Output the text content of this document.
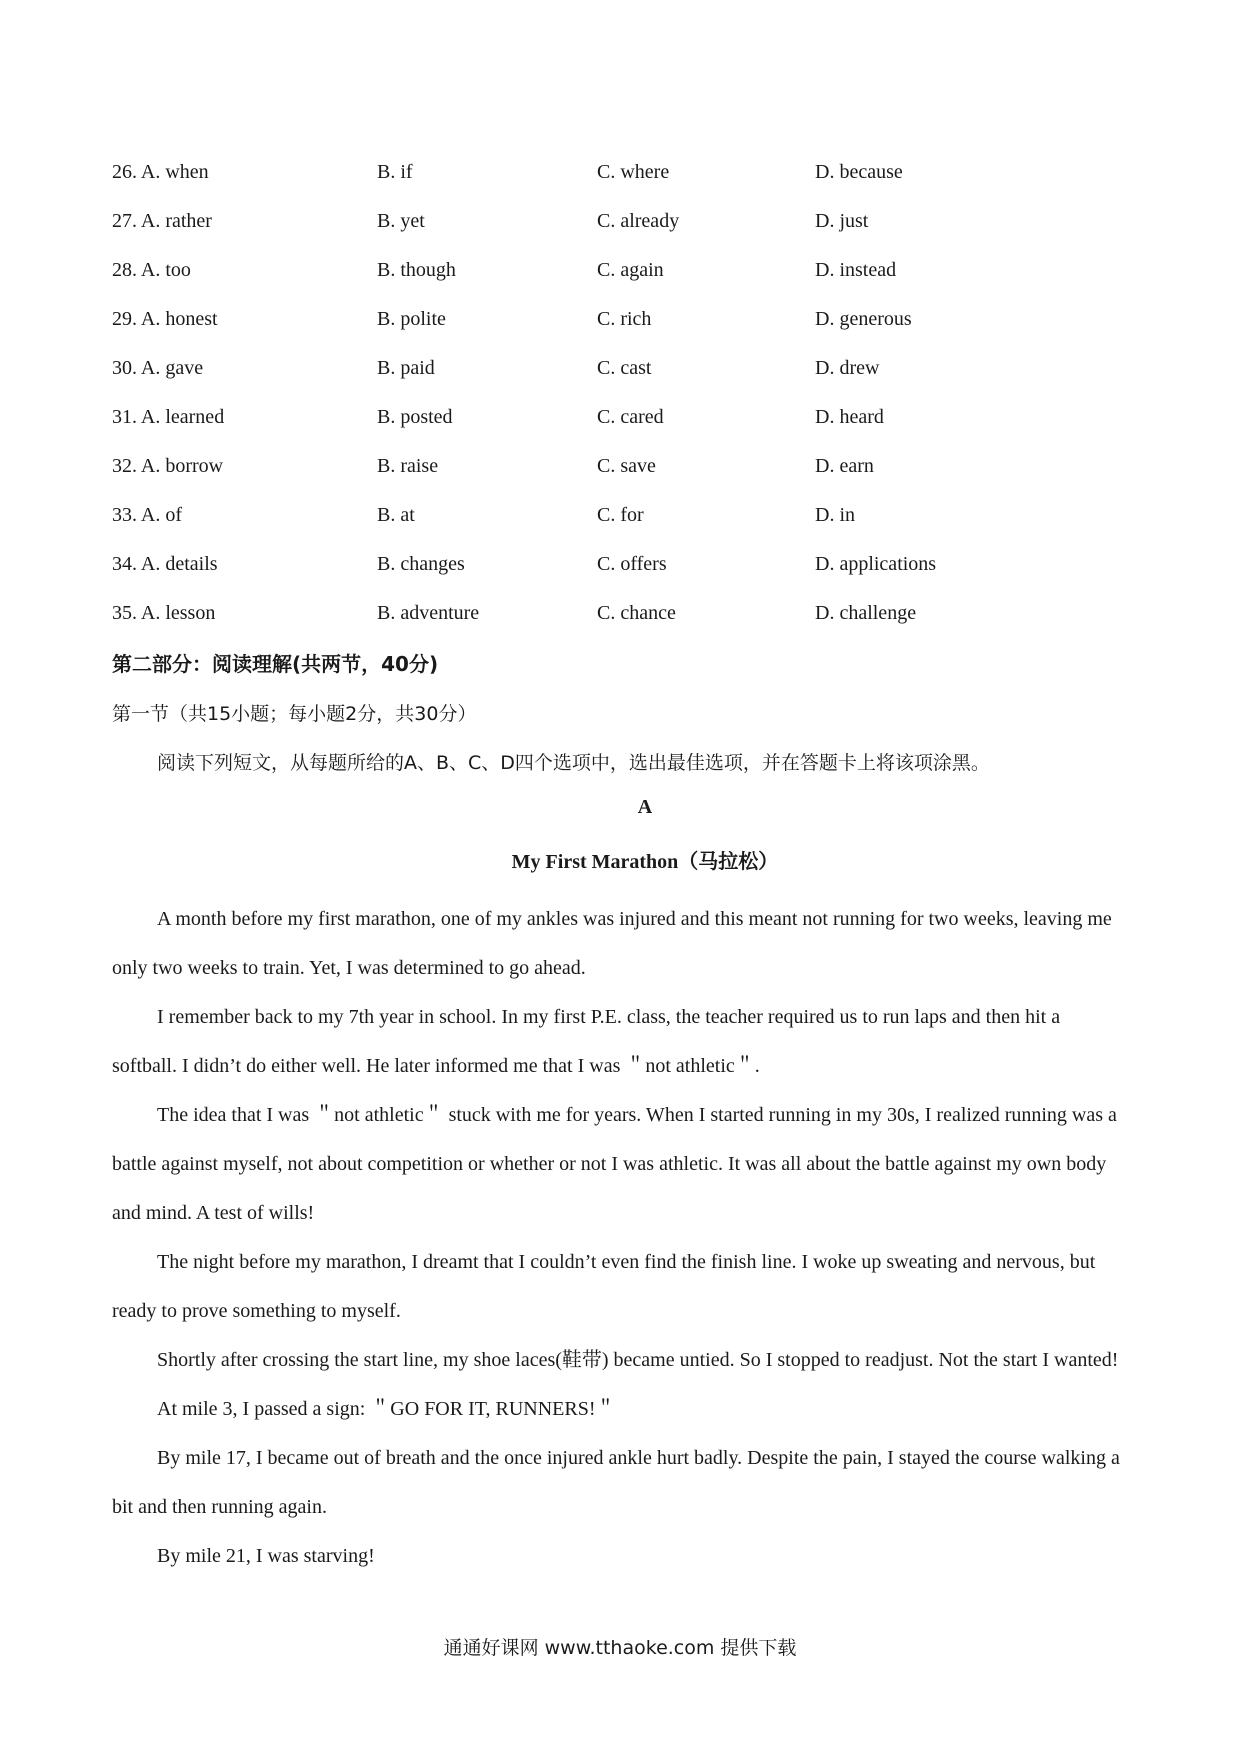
26. A. when	B. if	C. where	D. because
27. A. rather	B. yet	C. already	D. just
28. A. too	B. though	C. again	D. instead
29. A. honest	B. polite	C. rich	D. generous
30. A. gave	B. paid	C. cast	D. drew
31. A. learned	B. posted	C. cared	D. heard
32. A. borrow	B. raise	C. save	D. earn
33. A. of	B. at	C. for	D. in
34. A. details	B. changes	C. offers	D. applications
35. A. lesson	B. adventure	C. chance	D. challenge
第二部分：阅读理解(共两节，40分)
第一节（共15小题；每小题2分，共30分）
阅读下列短文，从每题所给的A、B、C、D四个选项中，选出最佳选项，并在答题卡上将该项涂黑。
A
My First Marathon（马拉松）

A month before my first marathon, one of my ankles was injured and this meant not running for two weeks, leaving me only two weeks to train. Yet, I was determined to go ahead.

I remember back to my 7th year in school. In my first P.E. class, the teacher required us to run laps and then hit a softball. I didn’t do either well. He later informed me that I was ＂not athletic＂.

The idea that I was ＂not athletic＂ stuck with me for years. When I started running in my 30s, I realized running was a battle against myself, not about competition or whether or not I was athletic. It was all about the battle against my own body and mind. A test of wills!

The night before my marathon, I dreamt that I couldn’t even find the finish line. I woke up sweating and nervous, but ready to prove something to myself.

Shortly after crossing the start line, my shoe laces(鞋带) became untied. So I stopped to readjust. Not the start I wanted!

At mile 3, I passed a sign: ＂GO FOR IT, RUNNERS!＂

By mile 17, I became out of breath and the once injured ankle hurt badly. Despite the pain, I stayed the course walking a bit and then running again.

By mile 21, I was starving!

通通好课网 www.tthaoke.com 提供下载
